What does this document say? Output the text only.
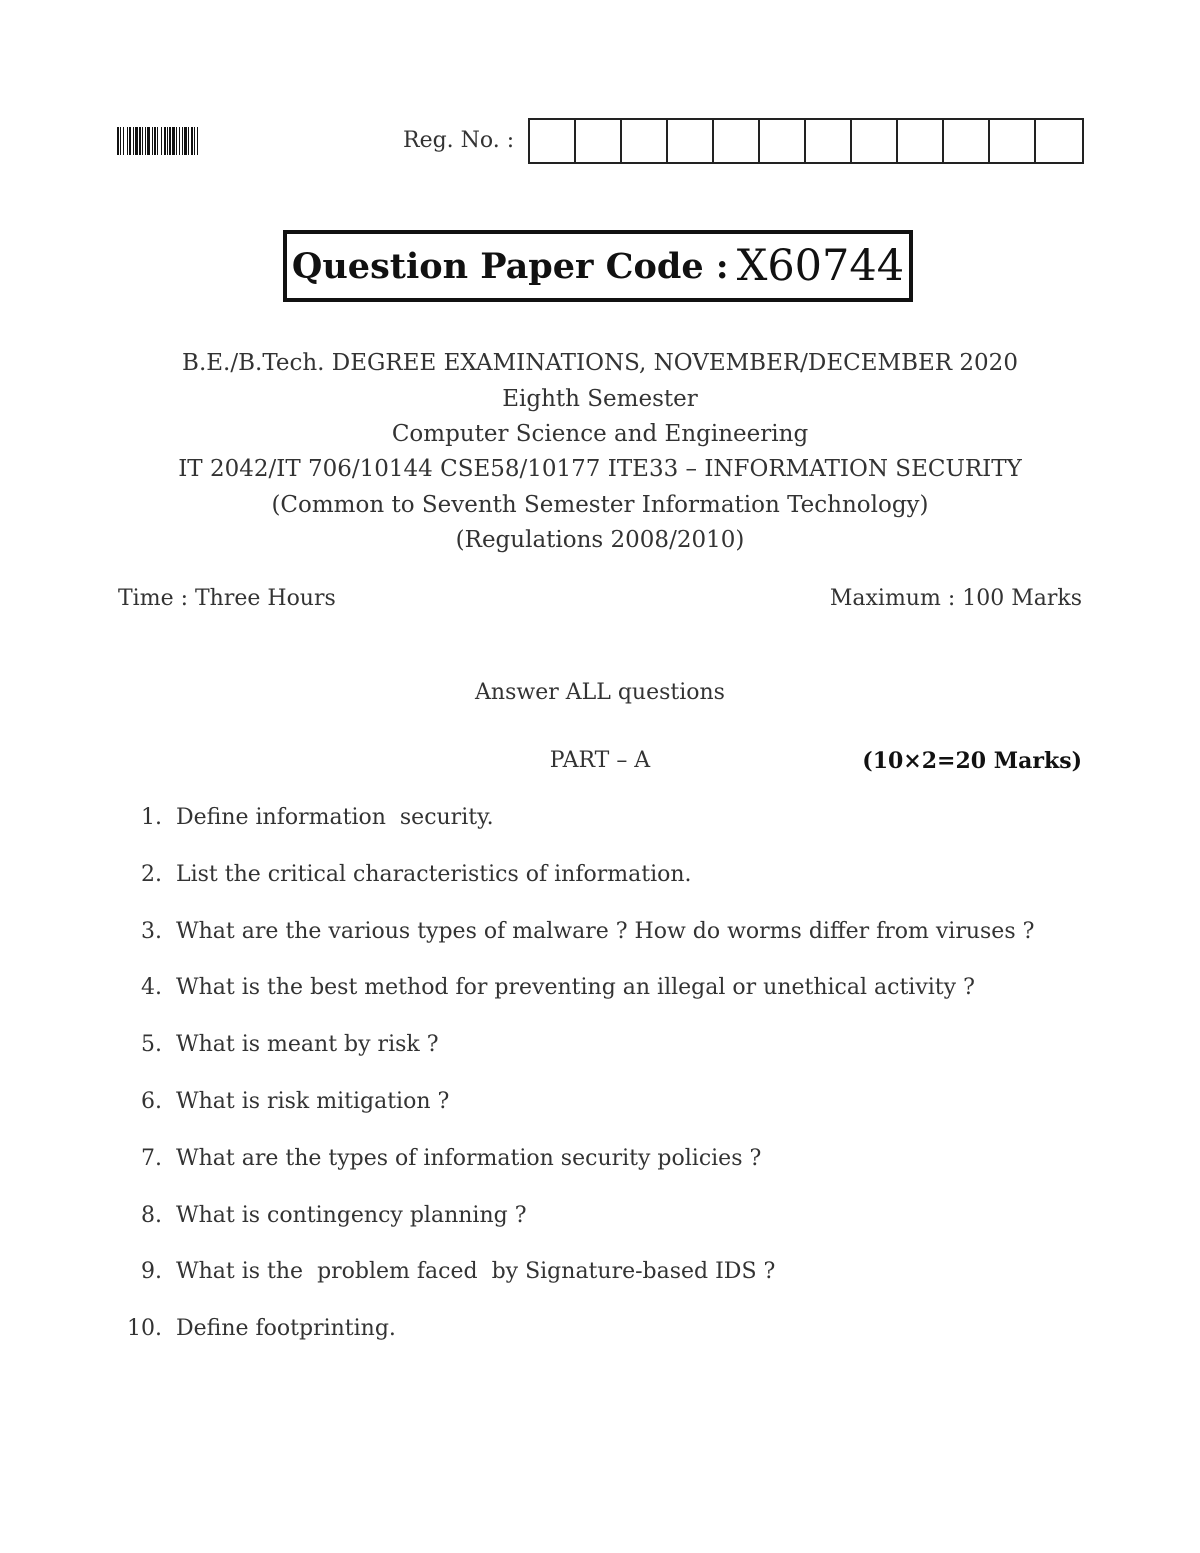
Reg. No. :
Question Paper Code : X60744
B.E./B.Tech. DEGREE EXAMINATIONS, NOVEMBER/DECEMBER 2020
Eighth Semester
Computer Science and Engineering
IT 2042/IT 706/10144 CSE58/10177 ITE33 – INFORMATION SECURITY
(Common to Seventh Semester Information Technology)
(Regulations 2008/2010)
Time : Three Hours	Maximum : 100 Marks
Answer ALL questions
PART – A	(10×2=20 Marks)
1. Define information  security.
2. List the critical characteristics of information.
3. What are the various types of malware ? How do worms differ from viruses ?
4. What is the best method for preventing an illegal or unethical activity ?
5. What is meant by risk ?
6. What is risk mitigation ?
7. What are the types of information security policies ?
8. What is contingency planning ?
9. What is the  problem faced  by Signature-based IDS ?
10. Define footprinting.
